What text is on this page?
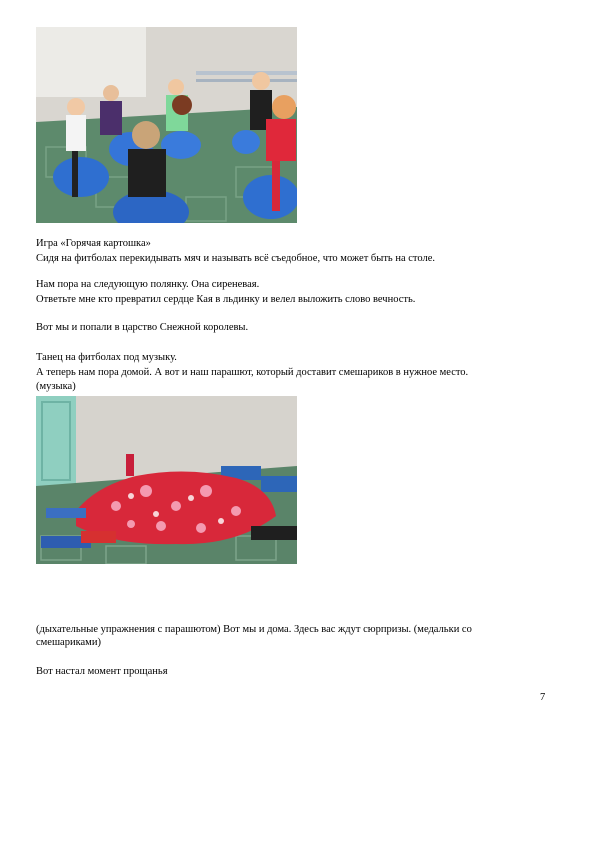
Игра «Горячая картошка»
Сидя на фитболах перекидывать мяч и называть всё съедобное, что может быть на столе.
Нам пора на следующую полянку. Она сиреневая.
Ответьте мне кто превратил сердце Кая в льдинку и велел выложить слово вечность.
Вот мы и попали в царство Снежной королевы.
Танец на фитболах под музыку.
А теперь нам пора домой. А вот и наш парашют, который доставит смешариков в нужное место.
(музыка)
(дыхательные упражнения с парашютом) Вот мы и дома. Здесь вас ждут сюрпризы. (медальки со смешариками)
Вот настал момент прощанья
7
